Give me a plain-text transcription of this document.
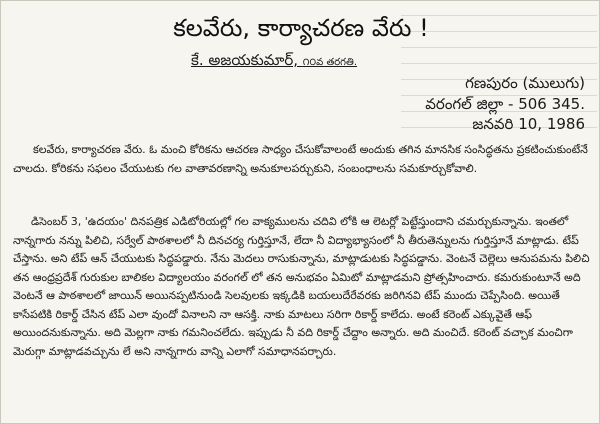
కలవేరు, కార్యాచరణ వేరు !
కే. అజయకుమార్, ౧౦వ తరగతి.
గణపురం (ములుగు)
వరంగల్ జిల్లా - 506 345.
జనవరి 10, 1986

కలవేరు, కార్యాచరణ వేరు. ఓ మంచి కోరికను ఆచరణ సాధ్యం చేసుకోవాలంటే అందుకు తగిన మానసిక సంసిద్ధతను ప్రకటించుకుంటేనే చాలదు. కోరికను సఫలం చేయుటకు గల వాతావరణాన్ని అనుకూలపర్చుకుని, సంబంధాలను సమకూర్చుకోవాలి.

డిసెంబర్ 3, 'ఉదయం' దినపత్రిక ఎడిటోరియల్లో గల వాక్యములను చదివి లోకి ఆ లెటర్లో పెట్టేస్తుందాని చమర్చుకున్నాను. ఇంతలో నాన్నగారు నన్ను పిలిచి, సర్వేల్ పాఠశాలలో నీ దినచర్య గుర్తిస్తూనే, లేదా నీ విద్యాభ్యాసంలో నీ తీరుతెన్నులను గుర్తిస్తూనే మాట్లాడు. టేప్ చేస్తాను. అని టేప్ ఆన్ చేయుటకు సిద్ధపడ్డారు. నేను మెదలు రాసుకున్నాను, మాట్లాడుటకు సిద్ధపడ్డాను. వెంటనే చెల్లెలు ఆనుపమను పిలిచి తన ఆంధ్రప్రదేశ్ గురుకుల బాలికల విద్యాలయం వరంగల్ లో తన అనుభవం ఏమిటో మాట్లాడమని ప్రోత్సహించారు. కమరుకుంటూనే అది వెంటనే ఆ పాఠశాలలో జాయిన్ అయినప్పటినుండి సెలవులకు ఇక్కడికి బయలుదేరేవరకు జరిగినవి టేప్ ముందు చెప్పేసింది. అయితే కాసేపటికి రికార్డ్ చేసిన టేప్ ఎలా వుందో వినాలని నా ఆసక్తి. నాకు మాటలు సరిగా రికార్డ్ కాలేదు. అంటే కరెంట్ ఎక్కువైతే ఆఫ్ అయిందనుకున్నాను. అది మెల్లగా నాకు గమనించలేదు. ఇప్పుడు నీ వది రికార్డ్ చేద్దాం అన్నారు. అది మంచిదే. కరెంట్ వచ్చాక మంచిగా మెరుగ్గా మాట్లాడవచ్చును లే అని నాన్నగారు వాన్ని ఎలాగో సమాధానపర్చారు.
